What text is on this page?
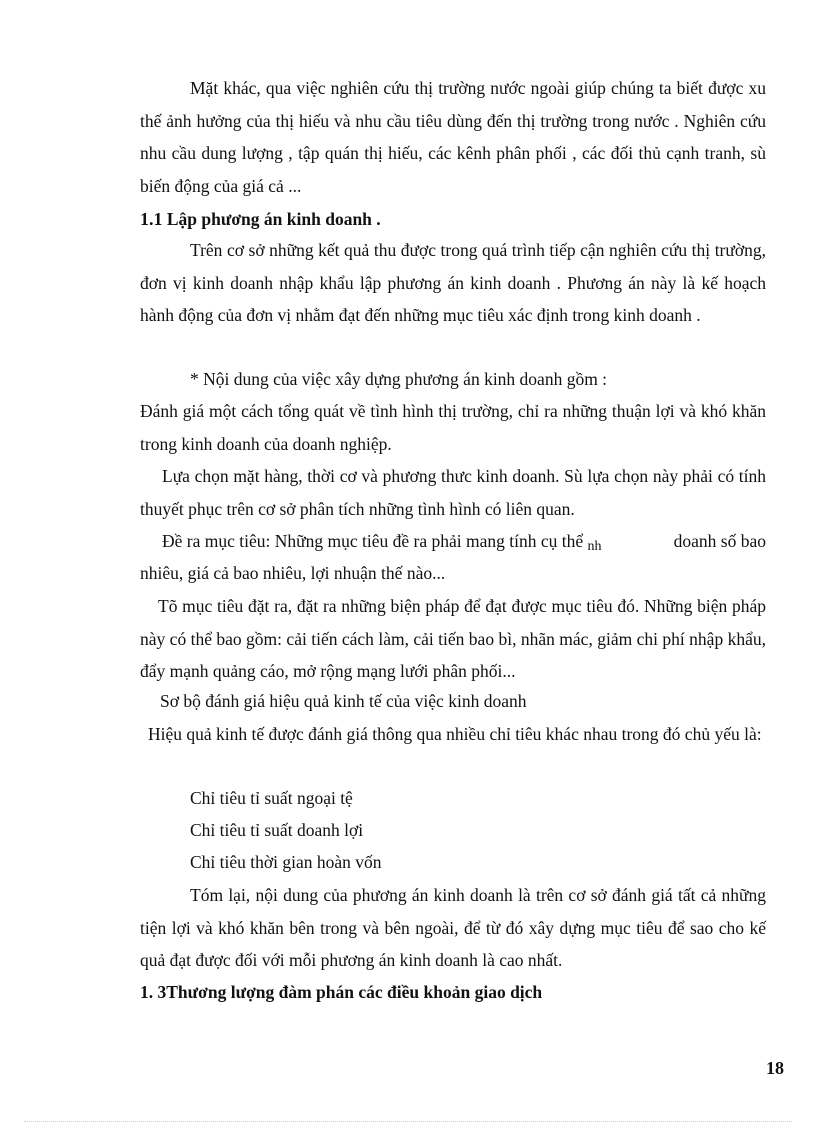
Mặt khác, qua việc nghiên cứu thị trường nước ngoài giúp chúng ta biết được xu thế ảnh hưởng của thị hiếu và nhu cầu tiêu dùng đến thị trường trong nước . Nghiên cứu nhu cầu dung lượng , tập quán thị hiếu, các kênh phân phối , các đối thủ cạnh tranh, sù biến động của giá cả ...

1.1 Lập phương án kinh doanh .

Trên cơ sở những kết quả thu được trong quá trình tiếp cận nghiên cứu thị trường, đơn vị kinh doanh nhập khẩu lập phương án kinh doanh . Phương án này là kế hoạch hành động của đơn vị nhằm đạt đến những mục tiêu xác định trong kinh doanh .

* Nội dung của việc xây dựng phương án kinh doanh gồm :

Đánh giá một cách tổng quát về tình hình thị trường, chỉ ra những thuận lợi và khó khăn trong kinh doanh của doanh nghiệp.

Lựa chọn mặt hàng, thời cơ và phương thưc kinh doanh. Sù lựa chọn này phải có tính thuyết phục trên cơ sở phân tích những tình hình có liên quan.

Đề ra mục tiêu: Những mục tiêu đề ra phải mang tính cụ thể nh	doanh số bao

nhiêu, giá cả bao nhiêu, lợi nhuận thế nào...

Tõ mục tiêu đặt ra, đặt ra những biện pháp để đạt được mục tiêu đó. Những biện pháp này có thể bao gồm: cải tiến cách làm, cải tiến bao bì, nhãn mác, giảm chi phí nhập khẩu, đẩy mạnh quảng cáo, mở rộng mạng lưới phân phối...

Sơ bộ đánh giá hiệu quả kinh tế của việc kinh doanh

Hiệu quả kinh tế được đánh giá thông qua nhiều chỉ tiêu khác nhau trong đó chủ yếu là:

Chỉ tiêu tỉ suất ngoại tệ

Chỉ tiêu tỉ suất doanh lợi

Chỉ tiêu thời gian hoàn vốn

Tóm lại, nội dung của phương án kinh doanh là trên cơ sở đánh giá tất cả những tiện lợi và khó khăn bên trong và bên ngoài, để từ đó xây dựng mục tiêu để sao cho kế quả đạt được đối với mỗi phương án kinh doanh là cao nhất.

1. 3Thương lượng đàm phán các điều khoản giao dịch

18
